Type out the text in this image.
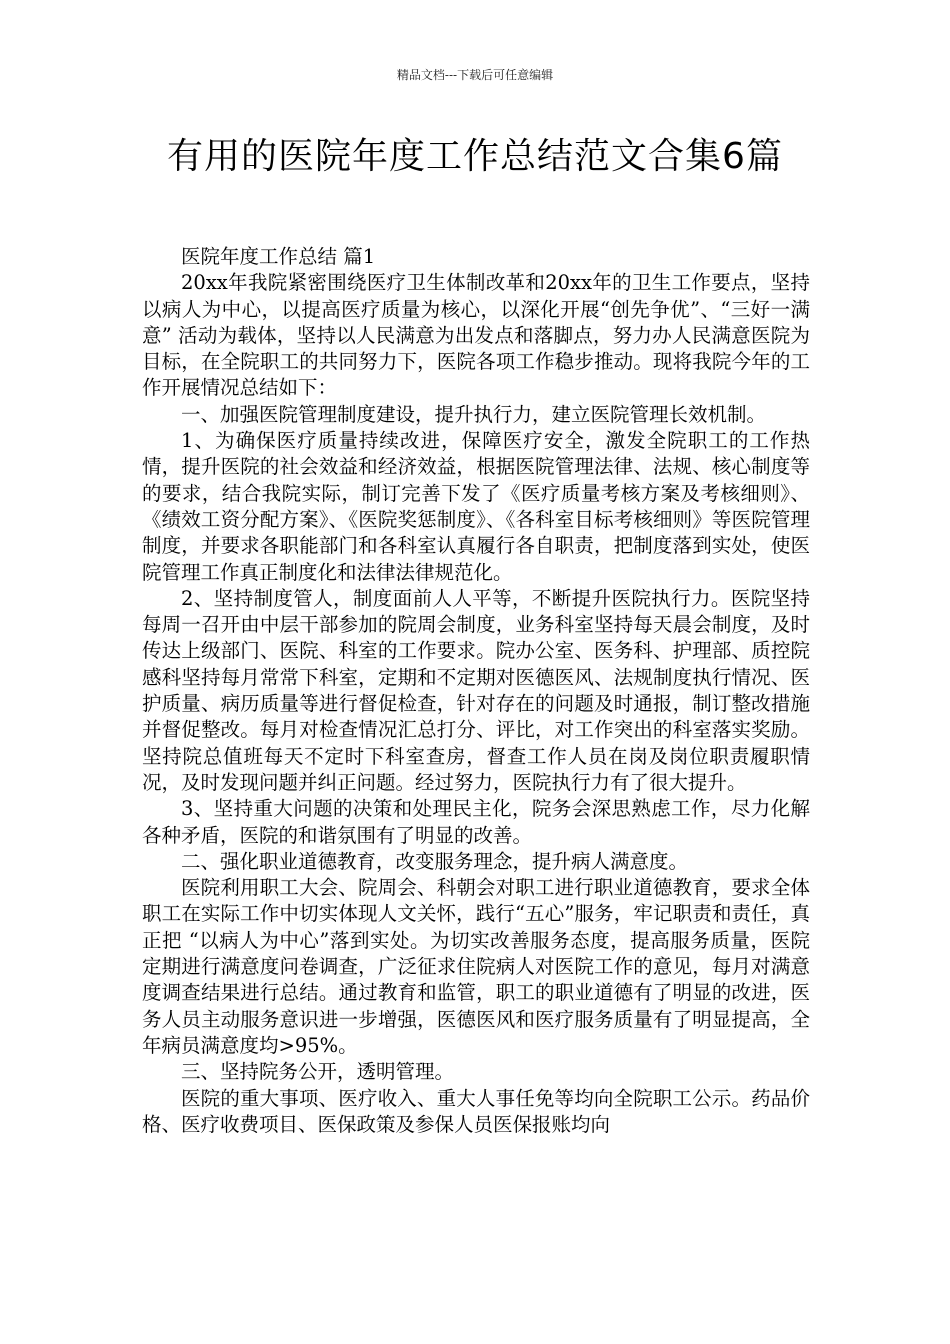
精品文档---下载后可任意编辑
有用的医院年度工作总结范文合集6篇

医院年度工作总结 篇1

20xx年我院紧密围绕医疗卫生体制改革和20xx年的卫生工作要点，坚持以病人为中心，以提高医疗质量为核心，以深化开展“创先争优”、“三好一满意” 活动为载体，坚持以人民满意为出发点和落脚点，努力办人民满意医院为目标，在全院职工的共同努力下，医院各项工作稳步推动。现将我院今年的工作开展情况总结如下：

一、加强医院管理制度建设，提升执行力，建立医院管理长效机制。

1、为确保医疗质量持续改进，保障医疗安全，激发全院职工的工作热情，提升医院的社会效益和经济效益，根据医院管理法律、法规、核心制度等的要求，结合我院实际，制订完善下发了《医疗质量考核方案及考核细则》、《绩效工资分配方案》、《医院奖惩制度》、《各科室目标考核细则》等医院管理制度，并要求各职能部门和各科室认真履行各自职责，把制度落到实处，使医院管理工作真正制度化和法律法律规范化。

2、坚持制度管人，制度面前人人平等，不断提升医院执行力。医院坚持每周一召开由中层干部参加的院周会制度，业务科室坚持每天晨会制度，及时传达上级部门、医院、科室的工作要求。院办公室、医务科、护理部、质控院感科坚持每月常常下科室，定期和不定期对医德医风、法规制度执行情况、医护质量、病历质量等进行督促检查，针对存在的问题及时通报，制订整改措施并督促整改。每月对检查情况汇总打分、评比，对工作突出的科室落实奖励。坚持院总值班每天不定时下科室查房，督查工作人员在岗及岗位职责履职情况，及时发现问题并纠正问题。经过努力，医院执行力有了很大提升。

3、坚持重大问题的决策和处理民主化，院务会深思熟虑工作，尽力化解各种矛盾，医院的和谐氛围有了明显的改善。

二、强化职业道德教育，改变服务理念，提升病人满意度。

医院利用职工大会、院周会、科朝会对职工进行职业道德教育，要求全体职工在实际工作中切实体现人文关怀，践行“五心”服务，牢记职责和责任，真正把 “以病人为中心”落到实处。为切实改善服务态度，提高服务质量，医院定期进行满意度问卷调查，广泛征求住院病人对医院工作的意见，每月对满意度调查结果进行总结。通过教育和监管，职工的职业道德有了明显的改进，医务人员主动服务意识进一步增强，医德医风和医疗服务质量有了明显提高，全年病员满意度均>95%。

三、坚持院务公开，透明管理。

医院的重大事项、医疗收入、重大人事任免等均向全院职工公示。药品价格、医疗收费项目、医保政策及参保人员医保报账均向
